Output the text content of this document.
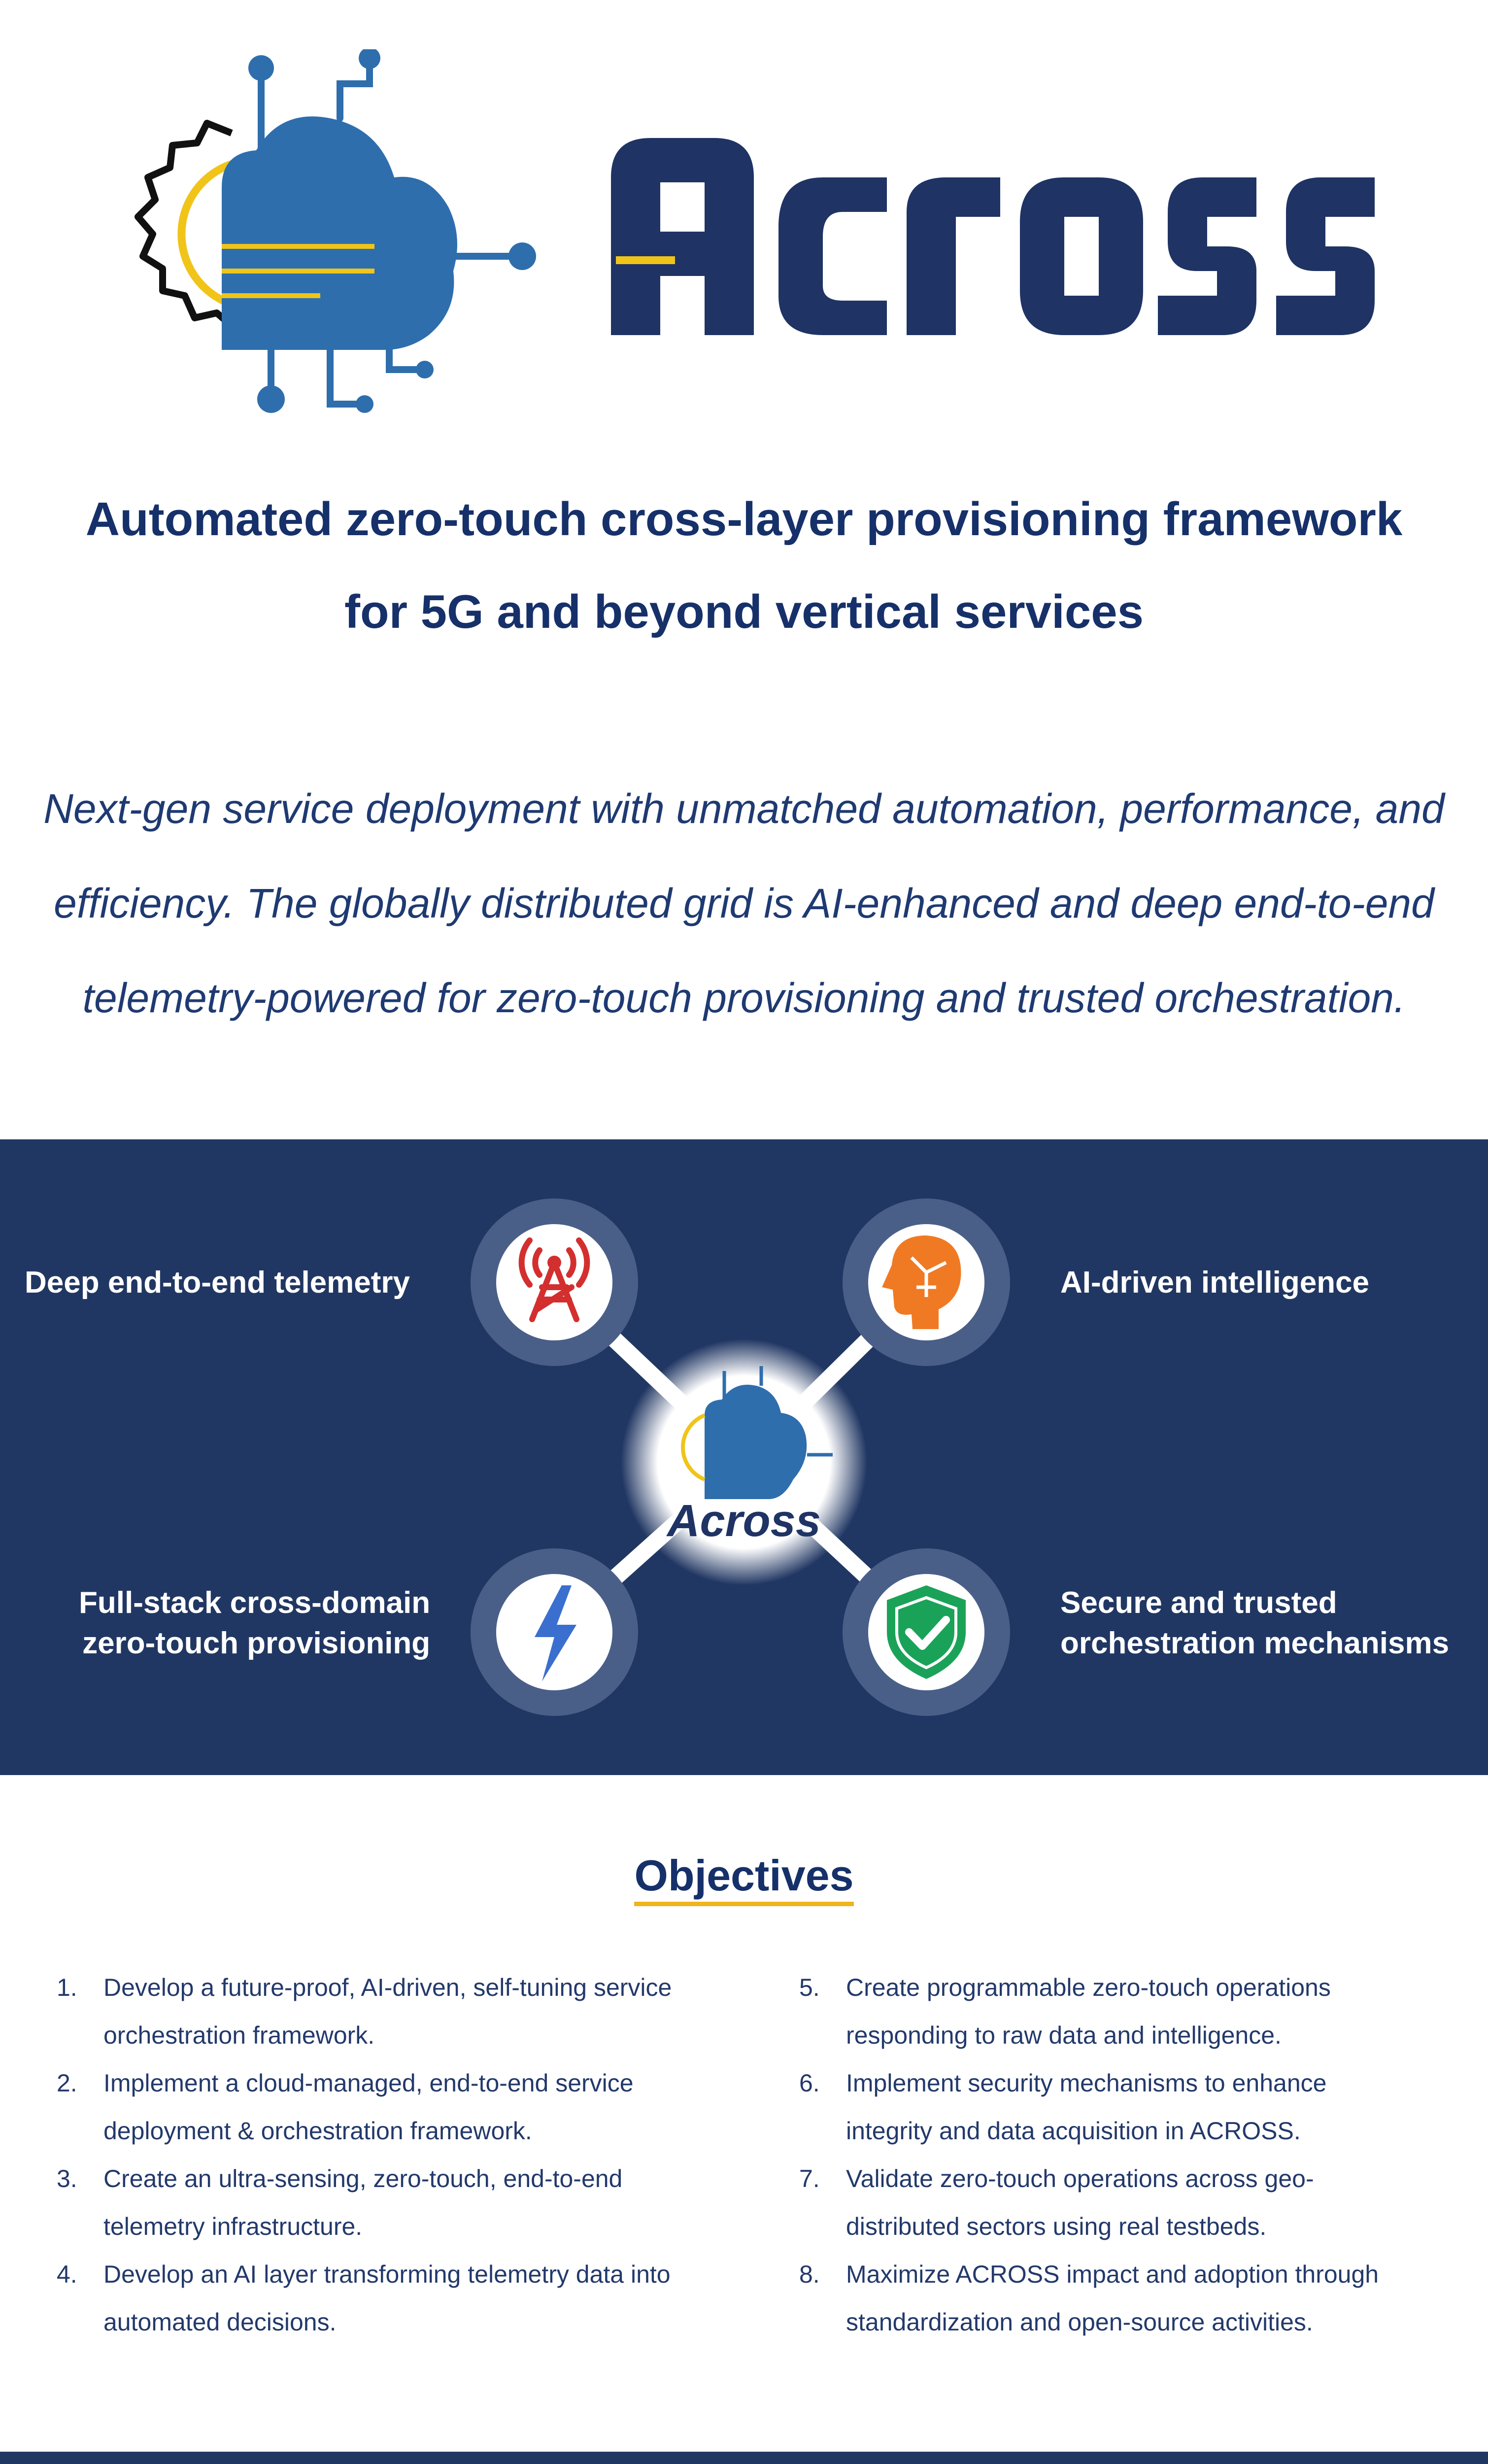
Automated zero-touch cross-layer provisioning framework
for 5G and beyond vertical services
Next-gen service deployment with unmatched automation, performance, and
efficiency. The globally distributed grid is AI-enhanced and deep end-to-end
telemetry-powered for zero-touch provisioning and trusted orchestration.
Across
Deep end-to-end telemetry	AI-driven intelligence
Full-stack cross-domain
zero-touch provisioning
Secure and trusted
orchestration mechanisms
Objectives
1.	Develop a future-proof, AI-driven, self-tuning service
orchestration framework.
2.	Implement a cloud-managed, end-to-end service
deployment & orchestration framework.
3.	Create an ultra-sensing, zero-touch, end-to-end
telemetry infrastructure.
4.	Develop an AI layer transforming telemetry data into
automated decisions.
5.	Create programmable zero-touch operations
responding to raw data and intelligence.
6.	Implement security mechanisms to enhance
integrity and data acquisition in ACROSS.
7.	Validate zero-touch operations across geo-
distributed sectors using real testbeds.
8.	Maximize ACROSS impact and adoption through
standardization and open-source activities.
